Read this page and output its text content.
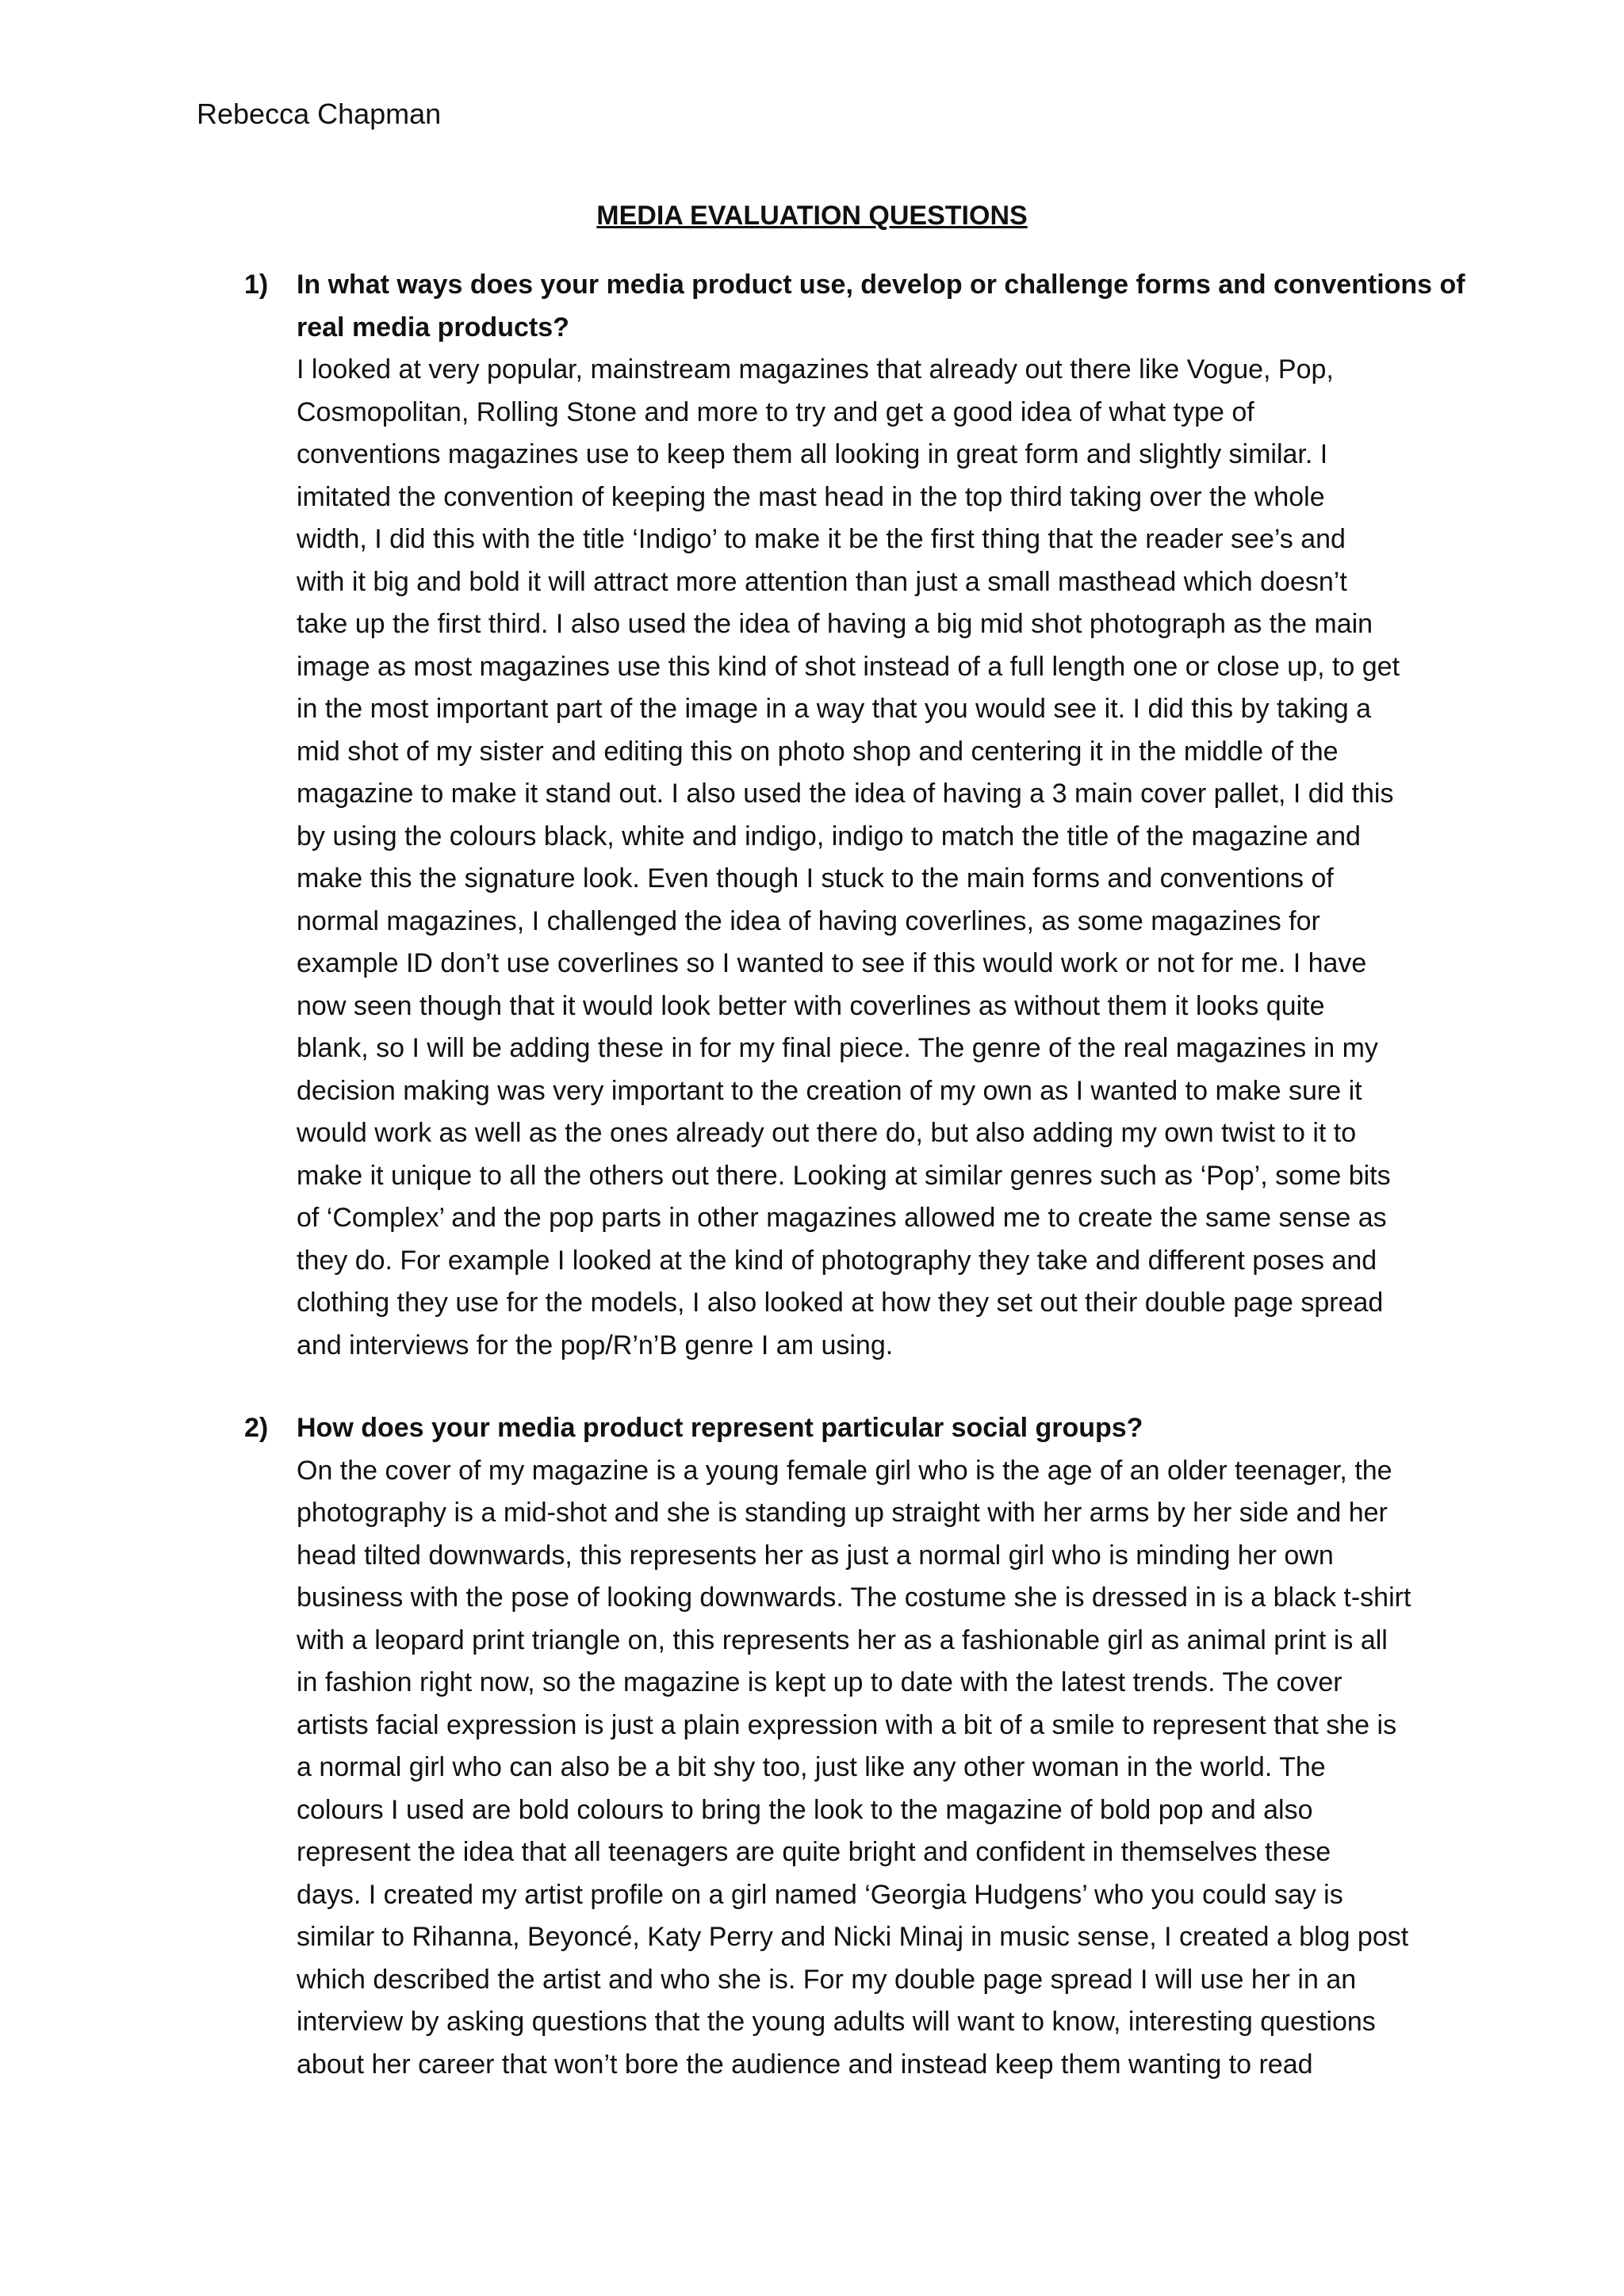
Rebecca Chapman
MEDIA EVALUATION QUESTIONS
1) In what ways does your media product use, develop or challenge forms and conventions of
real media products?
I looked at very popular, mainstream magazines that already out there like Vogue, Pop,
Cosmopolitan, Rolling Stone and more to try and get a good idea of what type of
conventions magazines use to keep them all looking in great form and slightly similar. I
imitated the convention of keeping the mast head in the top third taking over the whole
width, I did this with the title ‘Indigo’ to make it be the first thing that the reader see’s and
with it big and bold it will attract more attention than just a small masthead which doesn’t
take up the first third. I also used the idea of having a big mid shot photograph as the main
image as most magazines use this kind of shot instead of a full length one or close up, to get
in the most important part of the image in a way that you would see it. I did this by taking a
mid shot of my sister and editing this on photo shop and centering it in the middle of the
magazine to make it stand out. I also used the idea of having a 3 main cover pallet, I did this
by using the colours black, white and indigo, indigo to match the title of the magazine and
make this the signature look. Even though I stuck to the main forms and conventions of
normal magazines, I challenged the idea of having coverlines, as some magazines for
example ID don’t use coverlines so I wanted to see if this would work or not for me. I have
now seen though that it would look better with coverlines as without them it looks quite
blank, so I will be adding these in for my final piece. The genre of the real magazines in my
decision making was very important to the creation of my own as I wanted to make sure it
would work as well as the ones already out there do, but also adding my own twist to it to
make it unique to all the others out there. Looking at similar genres such as ‘Pop’, some bits
of ‘Complex’ and the pop parts in other magazines allowed me to create the same sense as
they do. For example I looked at the kind of photography they take and different poses and
clothing they use for the models, I also looked at how they set out their double page spread
and interviews for the pop/R’n’B genre I am using.
2) How does your media product represent particular social groups?
On the cover of my magazine is a young female girl who is the age of an older teenager, the
photography is a mid-shot and she is standing up straight with her arms by her side and her
head tilted downwards, this represents her as just a normal girl who is minding her own
business with the pose of looking downwards. The costume she is dressed in is a black t-shirt
with a leopard print triangle on, this represents her as a fashionable girl as animal print is all
in fashion right now, so the magazine is kept up to date with the latest trends. The cover
artists facial expression is just a plain expression with a bit of a smile to represent that she is
a normal girl who can also be a bit shy too, just like any other woman in the world. The
colours I used are bold colours to bring the look to the magazine of bold pop and also
represent the idea that all teenagers are quite bright and confident in themselves these
days. I created my artist profile on a girl named ‘Georgia Hudgens’ who you could say is
similar to Rihanna, Beyoncé, Katy Perry and Nicki Minaj in music sense, I created a blog post
which described the artist and who she is. For my double page spread I will use her in an
interview by asking questions that the young adults will want to know, interesting questions
about her career that won’t bore the audience and instead keep them wanting to read
